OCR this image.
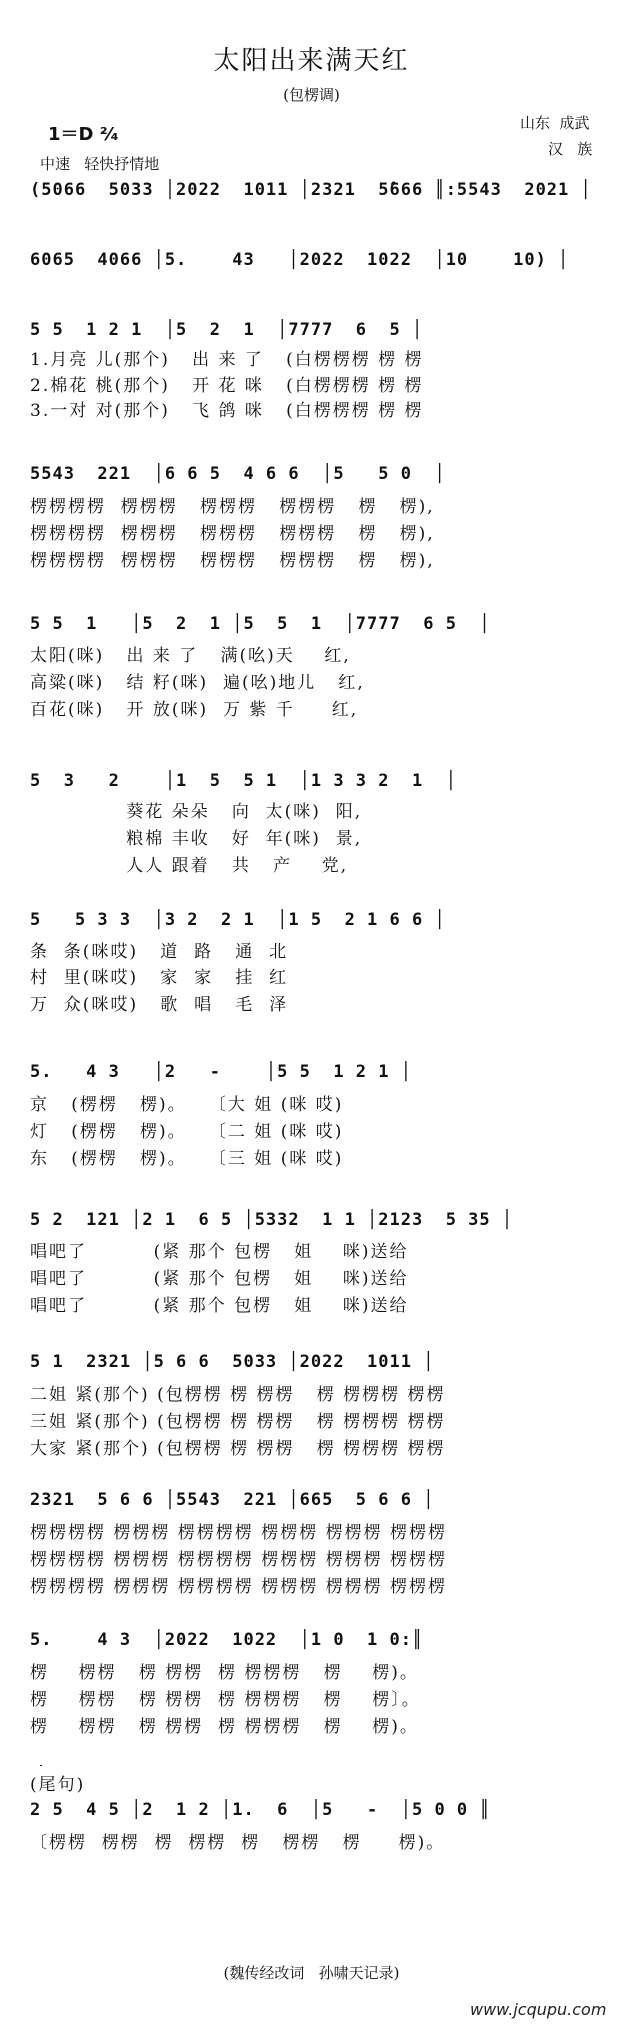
太阳出来满天红
(包楞调)
1＝D ²⁄₄
中速   轻快抒情地
山东  成武
汉   族
(5066  5033 │2022  1011 │2321  5̂666 ║:5543  2021 │
6065  4066 │5.    43   │2022  1022  │10    10) │
5 5  1 2 1  │5  2  1  │7777  6  5 │
1.月亮 儿(那个)   出 来 了   (白楞楞楞 楞 楞
2.棉花 桃(那个)   开 花 咪   (白楞楞楞 楞 楞
3.一对 对(那个)   飞 鸽 咪   (白楞楞楞 楞 楞
5543  221  │6 6 5  4 6 6  │5   5 0  │
楞楞楞楞  楞楞楞   楞楞楞   楞楞楞   楞   楞),
楞楞楞楞  楞楞楞   楞楞楞   楞楞楞   楞   楞),
楞楞楞楞  楞楞楞   楞楞楞   楞楞楞   楞   楞),
5 5  1   │5  2  1 │5  5  1  │7777  6 5  │
太阳(咪)   出 来 了   满(吆)天    红,
高粱(咪)   结 籽(咪)  遍(吆)地儿   红,
百花(咪)   开 放(咪)  万 紫 千     红,
5  3   2    │1  5  5 1  │1 3 3 2  1  │
葵花 朵朵   向  太(咪)  阳,
粮棉 丰收   好  年(咪)  景,
人人 跟着   共   产    党,
5   5 3 3  │3 2  2 1  │1 5  2 1 6 6 │
条  条(咪哎)   道  路   通  北
村  里(咪哎)   家  家   挂  红
万  众(咪哎)   歌  唱   毛  泽
5.   4 3   │2   -    │5 5  1 2 1 │
京   (楞楞   楞)。   〔大 姐 (咪 哎)
灯   (楞楞   楞)。   〔二 姐 (咪 哎)
东   (楞楞   楞)。   〔三 姐 (咪 哎)
5 2  121 │2 1  6 5 │5332  1 1 │2123  5 35 │
唱吧了         (紧 那个 包楞   姐    咪)送给
唱吧了         (紧 那个 包楞   姐    咪)送给
唱吧了         (紧 那个 包楞   姐    咪)送给
5 1  2321 │5 6 6  5033 │2022  1011 │
二姐 紧(那个) (包楞楞 楞 楞楞   楞 楞楞楞 楞楞
三姐 紧(那个) (包楞楞 楞 楞楞   楞 楞楞楞 楞楞
大家 紧(那个) (包楞楞 楞 楞楞   楞 楞楞楞 楞楞
2321  5 6 6 │5543  221 │665  5 6 6 │
楞楞楞楞 楞楞楞 楞楞楞楞 楞楞楞 楞楞楞 楞楞楞
楞楞楞楞 楞楞楞 楞楞楞楞 楞楞楞 楞楞楞 楞楞楞
楞楞楞楞 楞楞楞 楞楞楞楞 楞楞楞 楞楞楞 楞楞楞
5.    4 3  │2022  1022  │1 0  1 0:║
楞    楞楞   楞 楞楞  楞 楞楞楞   楞    楞)。
楞    楞楞   楞 楞楞  楞 楞楞楞   楞    楞〕。
楞    楞楞   楞 楞楞  楞 楞楞楞   楞    楞)。
(尾句)
2 5  4 5 │2  1 2 │1.  6  │5   -  │5 0 0 ║
〔楞楞  楞楞  楞  楞楞  楞   楞楞   楞     楞)。
(魏传经改词   孙啸天记录)
www.jcqupu.com
